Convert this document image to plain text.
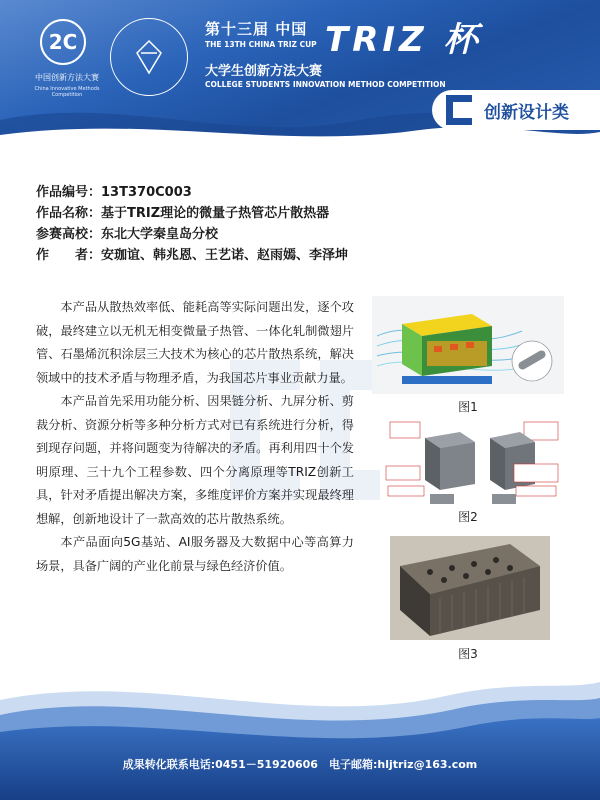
2C
中国创新方法大赛
China Innovative Methods Competition
第十三届 中国 TRIZ 杯
THE 13TH CHINA TRIZ CUP
大学生创新方法大赛
COLLEGE STUDENTS INNOVATION METHOD COMPETITION
创新设计类
作品编号：13T370C003
作品名称：基于TRIZ理论的微量子热管芯片散热器
参赛高校：东北大学秦皇岛分校
作　　者：安珈谊、韩兆恩、王艺诺、赵雨嫣、李泽坤

本产品从散热效率低、能耗高等实际问题出发，逐个攻破，最终建立以无机无相变微量子热管、一体化轧制微翅片管、石墨烯沉积涂层三大技术为核心的芯片散热系统，解决领域中的技术矛盾与物理矛盾，为我国芯片事业贡献力量。

本产品首先采用功能分析、因果链分析、九屏分析、剪裁分析、资源分析等多种分析方式对已有系统进行分析，得到现存问题，并将问题变为待解决的矛盾。再利用四十个发明原理、三十九个工程参数、四个分离原理等TRIZ创新工具，针对矛盾提出解决方案，多维度评价方案并实现最终理想解，创新地设计了一款高效的芯片散热系统。

本产品面向5G基站、AI服务器及大数据中心等高算力场景，具备广阔的产业化前景与绿色经济价值。

图1
图2
图3
成果转化联系电话:0451－51920606　电子邮箱:hljtriz@163.com
